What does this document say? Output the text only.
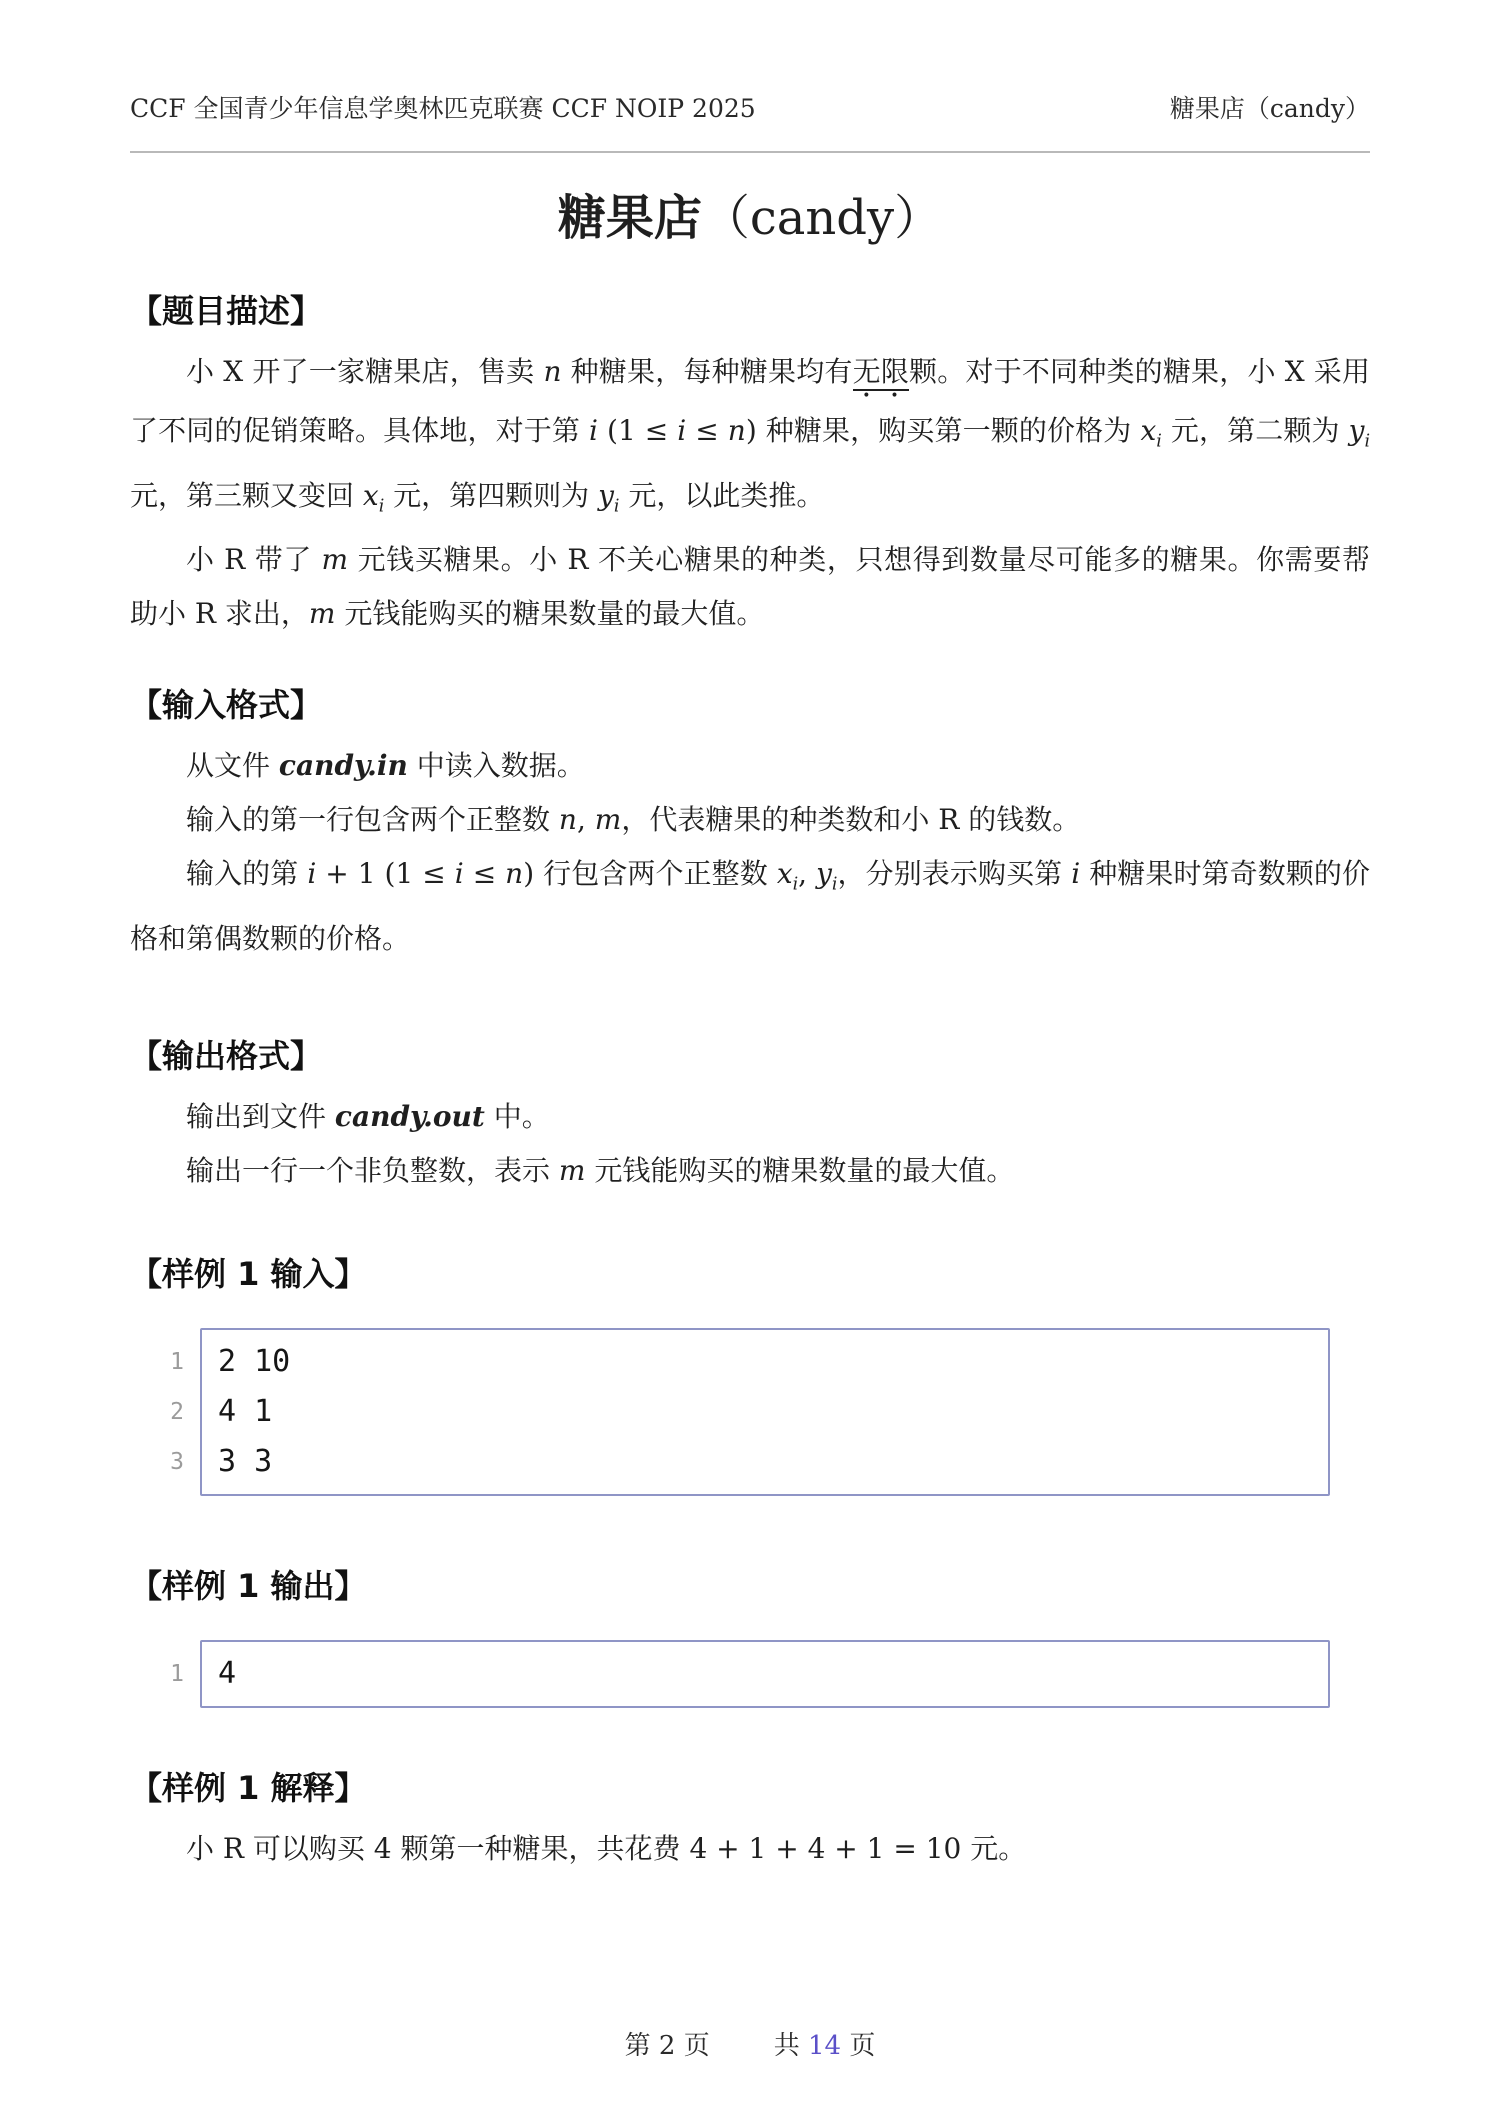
CCF 全国青少年信息学奥林匹克联赛 CCF NOIP 2025	糖果店（candy）
糖果店（candy）
【题目描述】

小 X 开了一家糖果店，售卖 n 种糖果，每种糖果均有无限颗。对于不同种类的糖果，小 X 采用了不同的促销策略。具体地，对于第 i (1 ≤ i ≤ n) 种糖果，购买第一颗的价格为 $x_i$ 元，第二颗为 $y_i$ 元，第三颗又变回 $x_i$ 元，第四颗则为 $y_i$ 元，以此类推。

小 R 带了 m 元钱买糖果。小 R 不关心糖果的种类，只想得到数量尽可能多的糖果。你需要帮助小 R 求出，m 元钱能购买的糖果数量的最大值。

【输入格式】

从文件 candy.in 中读入数据。

输入的第一行包含两个正整数 n, m，代表糖果的种类数和小 R 的钱数。

输入的第 i + 1 (1 ≤ i ≤ n) 行包含两个正整数 $x_i$, $y_i$，分别表示购买第 i 种糖果时第奇数颗的价格和第偶数颗的价格。

【输出格式】

输出到文件 candy.out 中。

输出一行一个非负整数，表示 m 元钱能购买的糖果数量的最大值。

【样例 1 输入】
1 2 10
2 4 1
3 3 3
【样例 1 输出】
1 4
【样例 1 解释】

小 R 可以购买 4 颗第一种糖果，共花费 4 + 1 + 4 + 1 = 10 元。

第 2 页 共 14 页
